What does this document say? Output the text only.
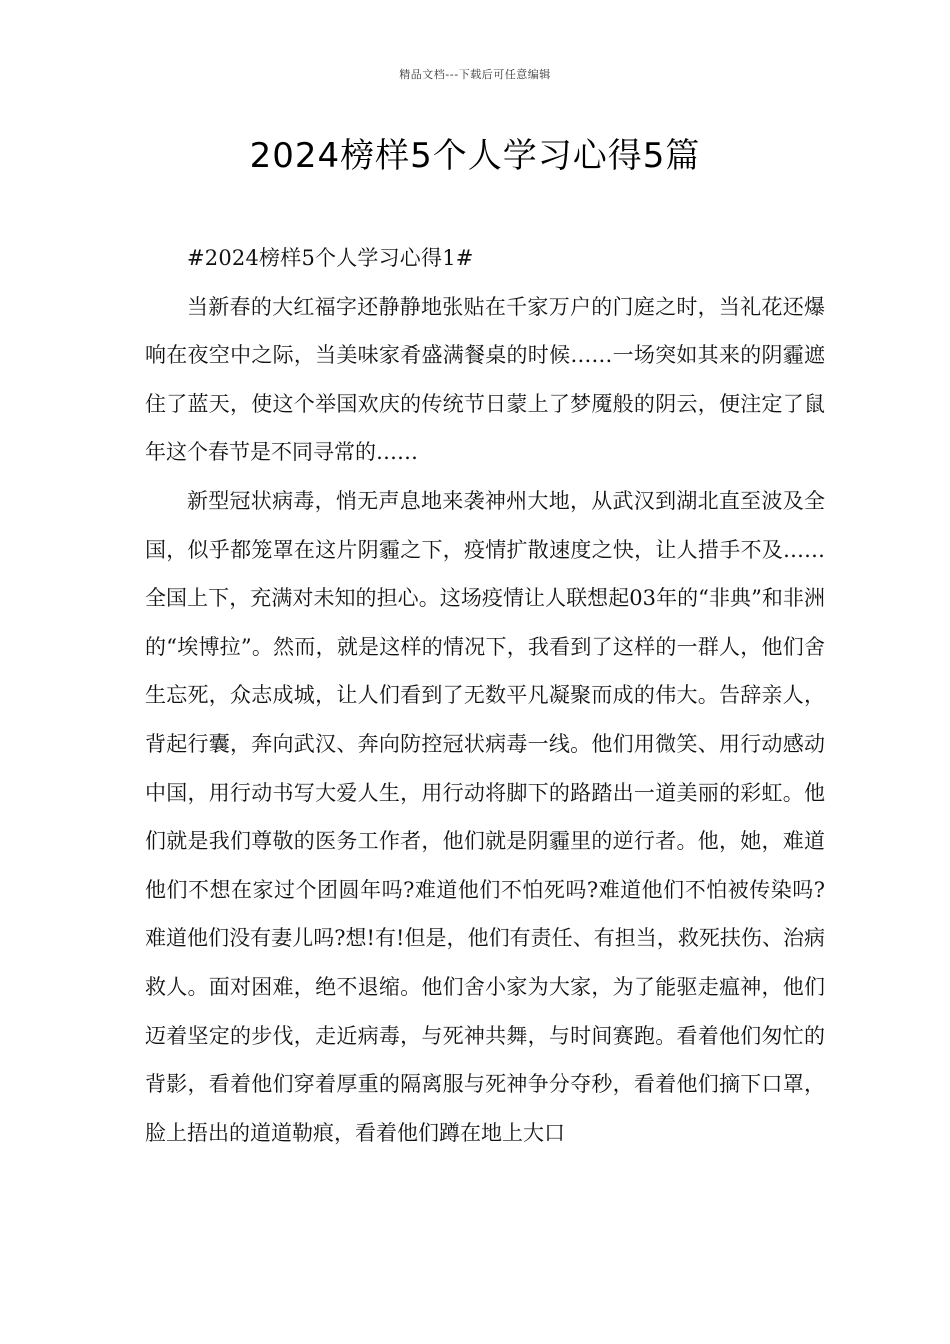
精品文档---下载后可任意编辑
2024榜样5个人学习心得5篇

#2024榜样5个人学习心得1#

当新春的大红福字还静静地张贴在千家万户的门庭之时，当礼花还爆响在夜空中之际，当美味家肴盛满餐桌的时候……一场突如其来的阴霾遮住了蓝天，使这个举国欢庆的传统节日蒙上了梦魇般的阴云，便注定了鼠年这个春节是不同寻常的……

新型冠状病毒，悄无声息地来袭神州大地，从武汉到湖北直至波及全国，似乎都笼罩在这片阴霾之下，疫情扩散速度之快，让人措手不及……全国上下，充满对未知的担心。这场疫情让人联想起03年的“非典”和非洲的“埃博拉”。然而，就是这样的情况下，我看到了这样的一群人，他们舍生忘死，众志成城，让人们看到了无数平凡凝聚而成的伟大。告辞亲人，背起行囊，奔向武汉、奔向防控冠状病毒一线。他们用微笑、用行动感动中国，用行动书写大爱人生，用行动将脚下的路踏出一道美丽的彩虹。他们就是我们尊敬的医务工作者，他们就是阴霾里的逆行者。他，她，难道他们不想在家过个团圆年吗?难道他们不怕死吗?难道他们不怕被传染吗?难道他们没有妻儿吗?想!有!但是，他们有责任、有担当，救死扶伤、治病救人。面对困难，绝不退缩。他们舍小家为大家，为了能驱走瘟神，他们迈着坚定的步伐，走近病毒，与死神共舞，与时间赛跑。看着他们匆忙的背影，看着他们穿着厚重的隔离服与死神争分夺秒，看着他们摘下口罩，脸上捂出的道道勒痕，看着他们蹲在地上大口
